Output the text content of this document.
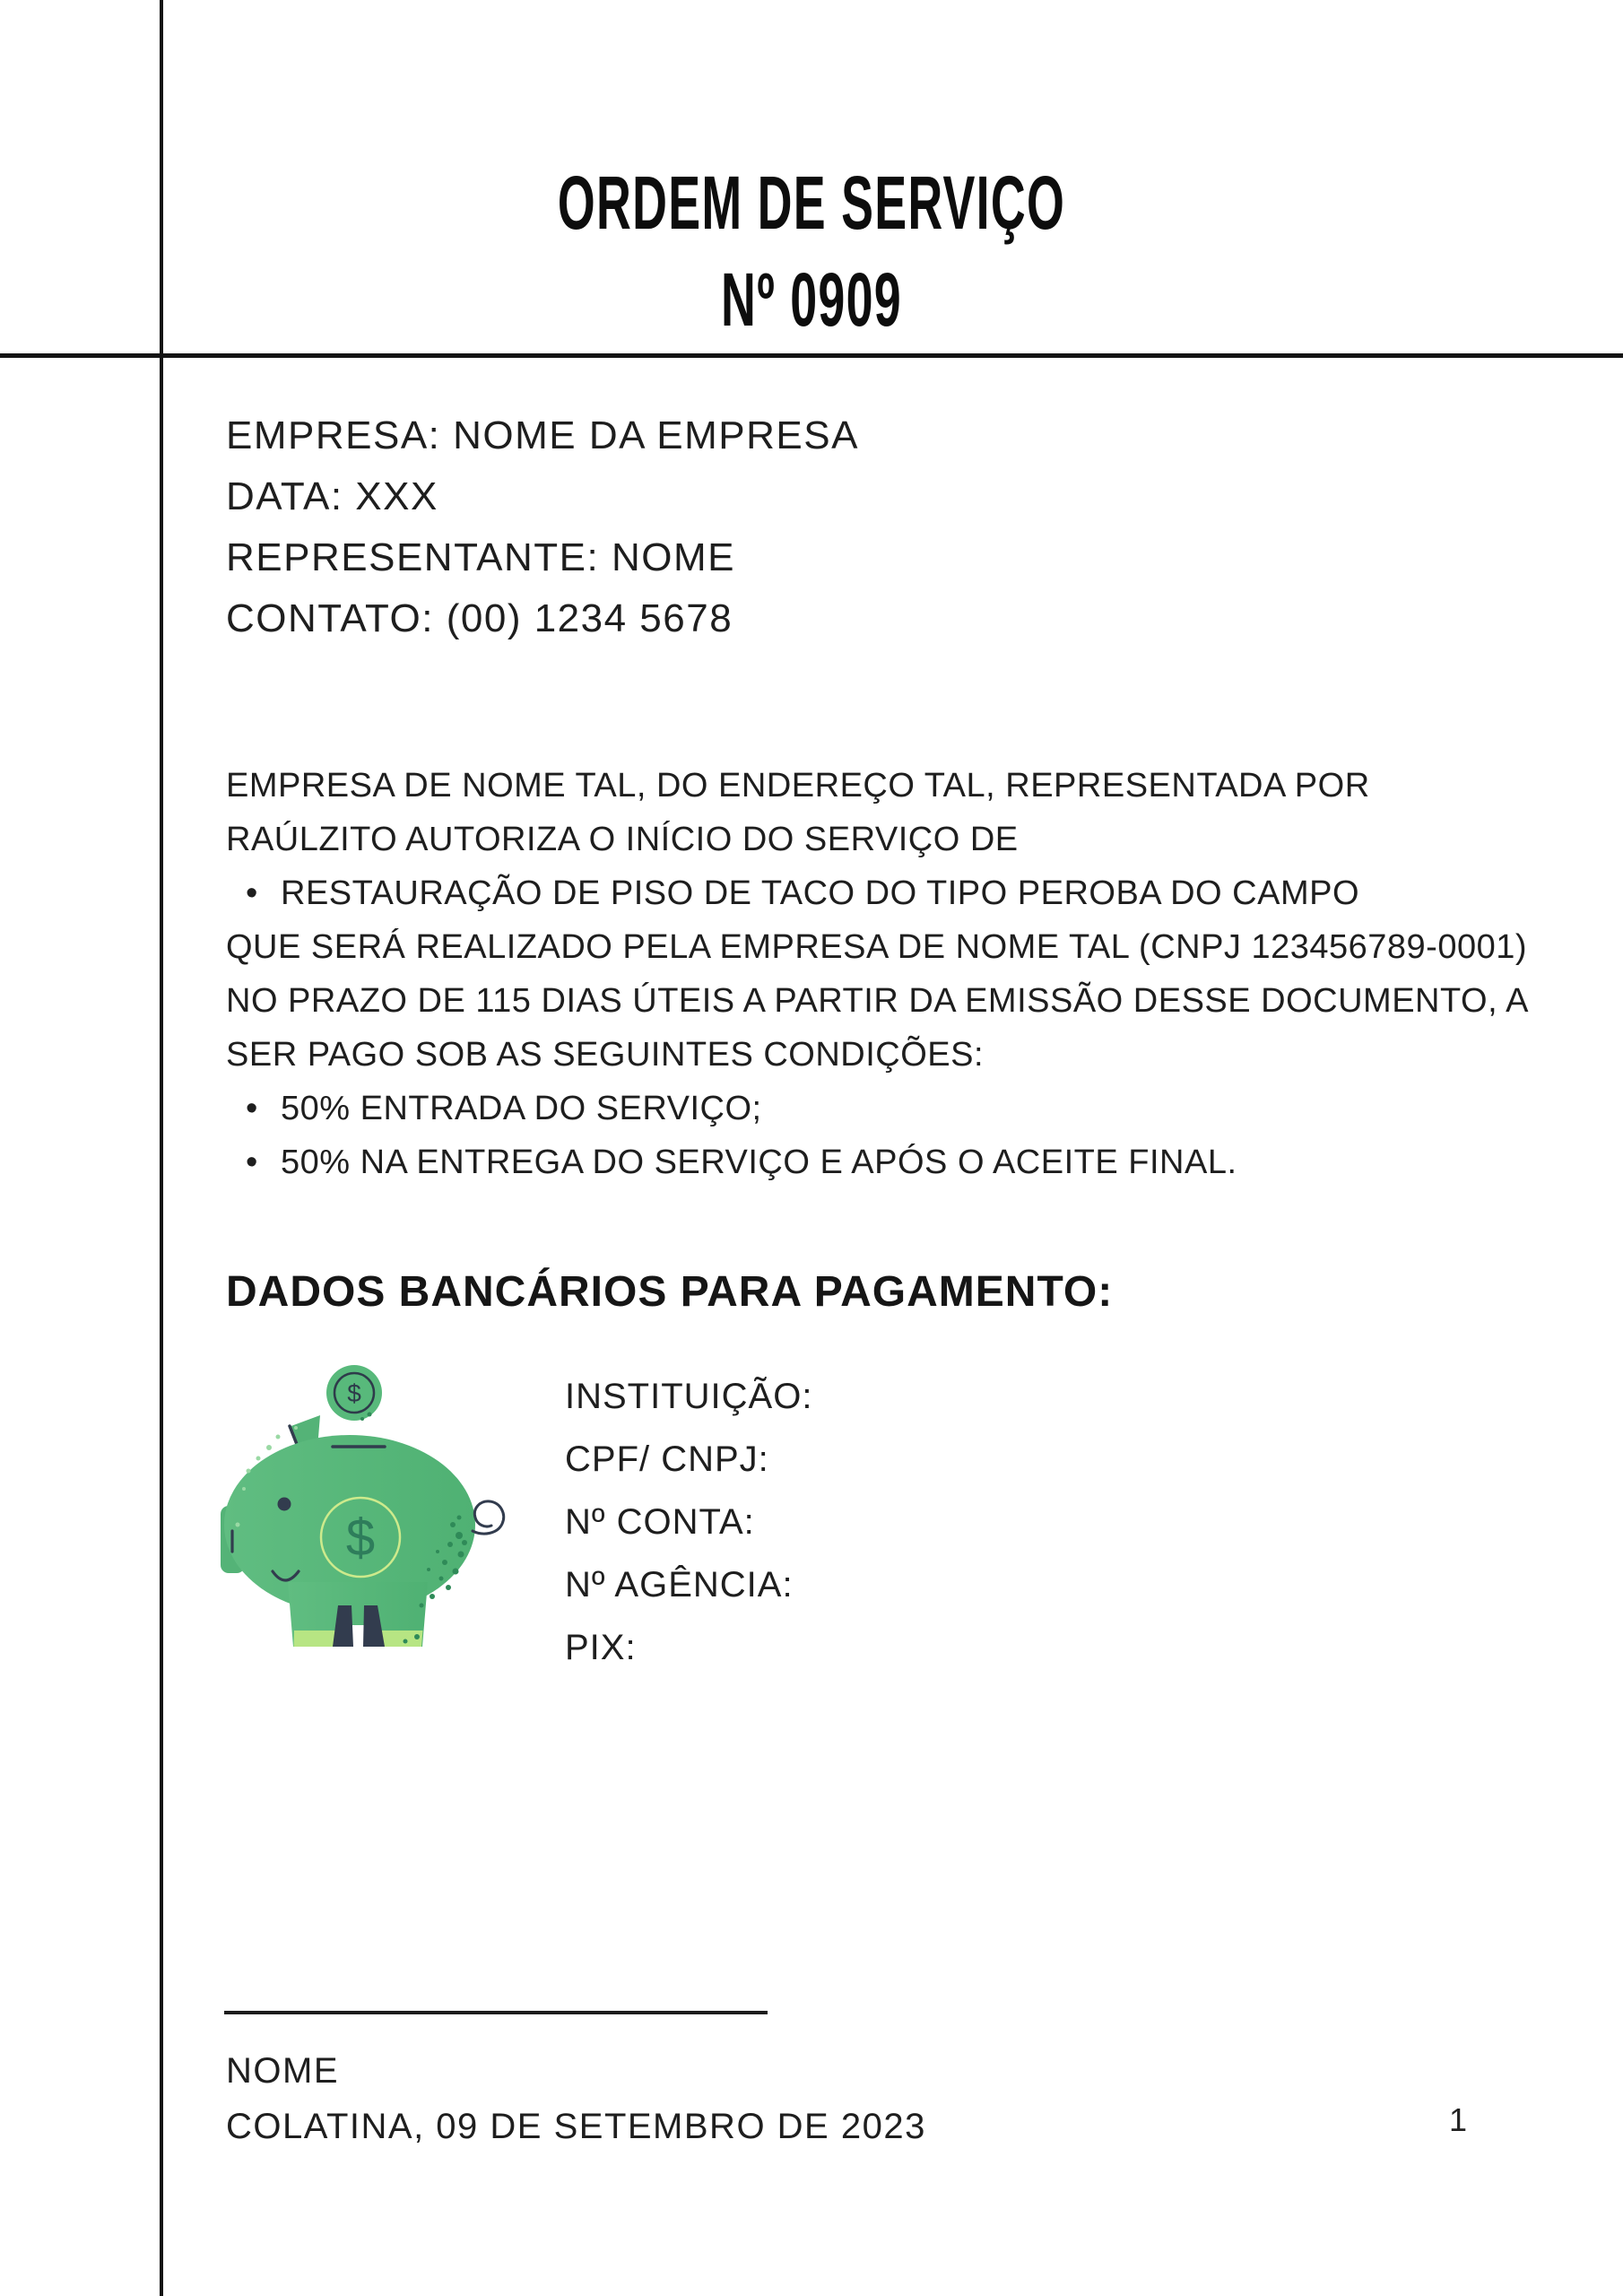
ORDEM DE SERVIÇO
Nº 0909
EMPRESA: NOME DA EMPRESA
DATA: XXX
REPRESENTANTE: NOME
CONTATO: (00) 1234 5678
EMPRESA DE NOME TAL, DO ENDEREÇO TAL, REPRESENTADA POR
RAÚLZITO AUTORIZA O INÍCIO DO SERVIÇO DE
• RESTAURAÇÃO DE PISO DE TACO DO TIPO PEROBA DO CAMPO
QUE SERÁ REALIZADO PELA EMPRESA DE NOME TAL (CNPJ 123456789-0001)
NO PRAZO DE 115 DIAS ÚTEIS A PARTIR DA EMISSÃO DESSE DOCUMENTO, A
SER PAGO SOB AS SEGUINTES CONDIÇÕES:
• 50% ENTRADA DO SERVIÇO;
• 50% NA ENTREGA DO SERVIÇO E APÓS O ACEITE FINAL.
DADOS BANCÁRIOS PARA PAGAMENTO:
$
$
INSTITUIÇÃO:
CPF/ CNPJ:
Nº CONTA:
Nº AGÊNCIA:
PIX:
NOME
COLATINA, 09 DE SETEMBRO DE 2023	1
